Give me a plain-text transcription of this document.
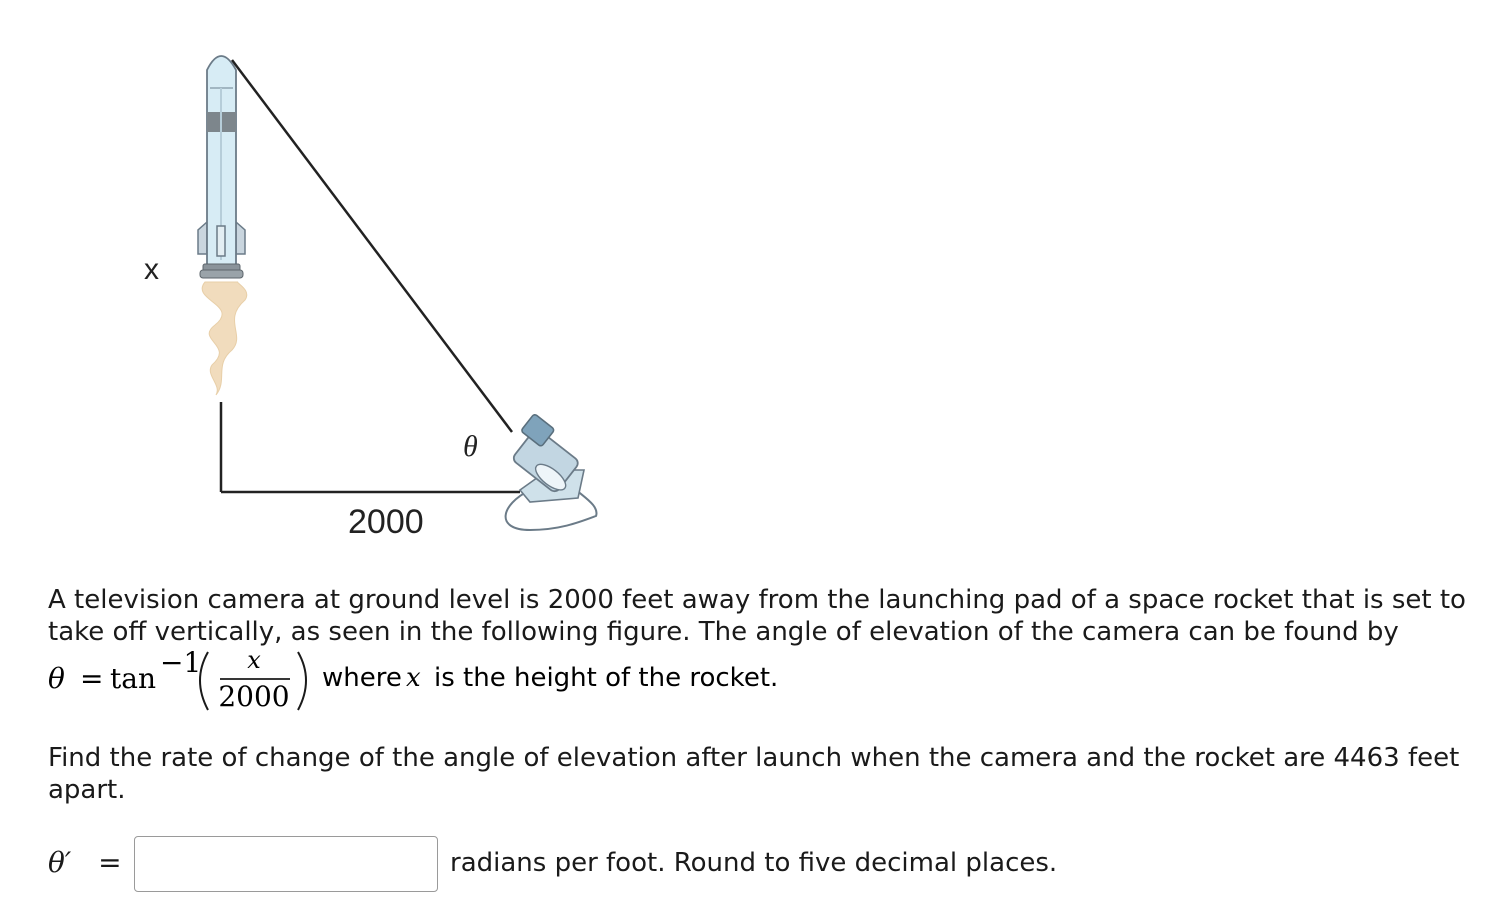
x
θ
2000
A television camera at ground level is 2000 feet away from the launching pad of a space rocket that is set to take off vertically, as seen in the following figure. The angle of elevation of the camera can be found by
θ = tan −1 x
2000
where x is the height of the rocket.
Find the rate of change of the angle of elevation after launch when the camera and the rocket are 4463 feet apart.
θ′ =	radians per foot. Round to five decimal places.
